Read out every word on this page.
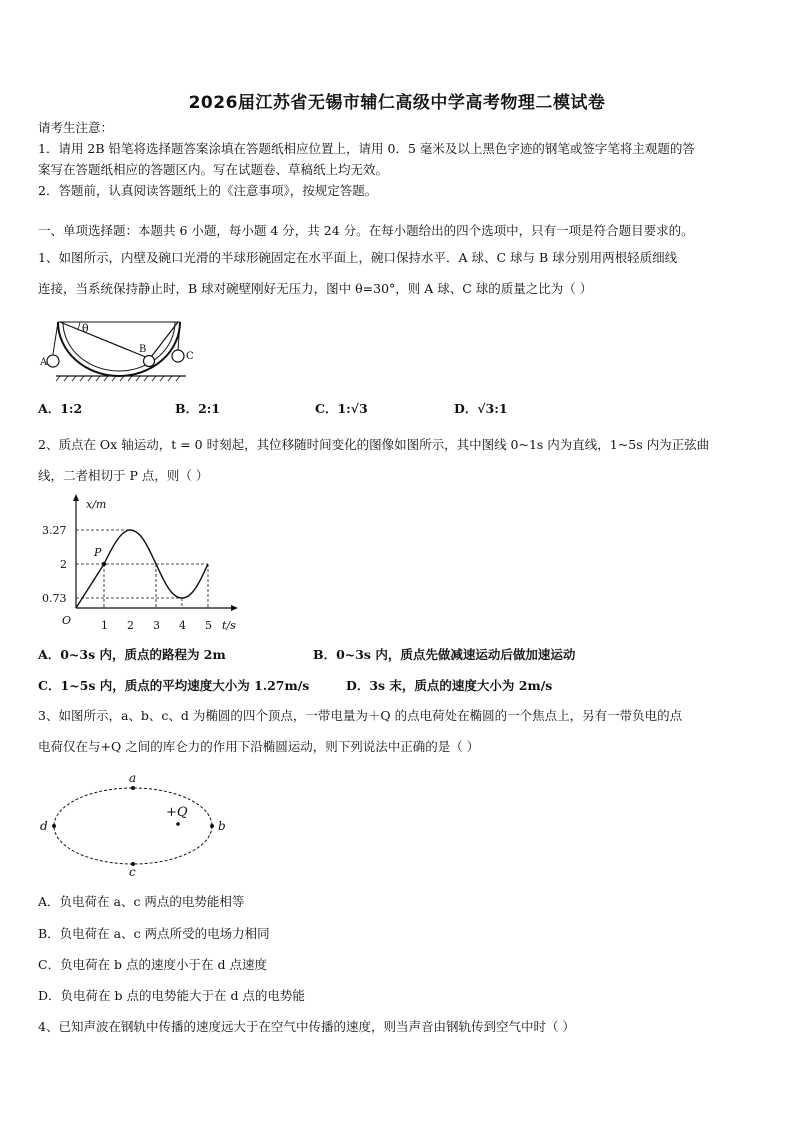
2026届江苏省无锡市辅仁高级中学高考物理二模试卷
请考生注意：
1．请用 2B 铅笔将选择题答案涂填在答题纸相应位置上，请用 0．5 毫米及以上黑色字迹的钢笔或签字笔将主观题的答
案写在答题纸相应的答题区内。写在试题卷、草稿纸上均无效。
2．答题前，认真阅读答题纸上的《注意事项》，按规定答题。
一、单项选择题：本题共 6 小题，每小题 4 分，共 24 分。在每小题给出的四个选项中，只有一项是符合题目要求的。
1、如图所示，内壁及碗口光滑的半球形碗固定在水平面上，碗口保持水平．A 球、C 球与 B 球分别用两根轻质细线
连接，当系统保持静止时，B 球对碗壁刚好无压力，图中 θ=30°，则 A 球、C 球的质量之比为（ ）
θ
A
B
C
A．1:2	B．2:1	C．1:√3	D．√3:1
2、质点在 Ox 轴运动，t = 0 时刻起，其位移随时间变化的图像如图所示，其中图线 0~1s 内为直线，1~5s 内为正弦曲
线，二者相切于 P 点，则（ ）
x/m
t/s
O
P
3.27
2
0.73
1 2 3 4 5
A．0~3s 内，质点的路程为 2m	B．0~3s 内，质点先做减速运动后做加速运动
C．1~5s 内，质点的平均速度大小为 1.27m/s	D．3s 末，质点的速度大小为 2m/s
3、如图所示，a、b、c、d 为椭圆的四个顶点，一带电量为＋Q 的点电荷处在椭圆的一个焦点上，另有一带负电的点
电荷仅在与+Q 之间的库仑力的作用下沿椭圆运动，则下列说法中正确的是（ ）
a
b
c
d
+Q
A．负电荷在 a、c 两点的电势能相等
B．负电荷在 a、c 两点所受的电场力相同
C．负电荷在 b 点的速度小于在 d 点速度
D．负电荷在 b 点的电势能大于在 d 点的电势能
4、已知声波在钢轨中传播的速度远大于在空气中传播的速度，则当声音由钢轨传到空气中时（ ）
